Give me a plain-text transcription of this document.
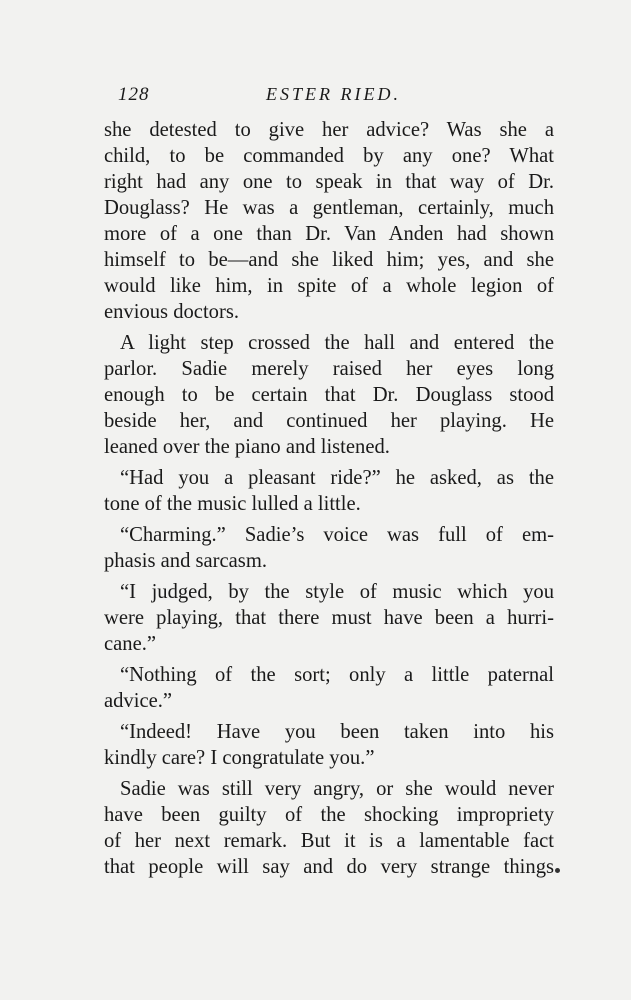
128	ESTER RIED.
she detested to give her advice? Was she a
child, to be commanded by any one? What
right had any one to speak in that way of Dr.
Douglass? He was a gentleman, certainly, much
more of a one than Dr. Van Anden had shown
himself to be—and she liked him; yes, and she
would like him, in spite of a whole legion of
envious doctors.
A light step crossed the hall and entered the
parlor. Sadie merely raised her eyes long
enough to be certain that Dr. Douglass stood
beside her, and continued her playing. He
leaned over the piano and listened.
“Had you a pleasant ride?” he asked, as the
tone of the music lulled a little.
“Charming.” Sadie’s voice was full of em-
phasis and sarcasm.
“I judged, by the style of music which you
were playing, that there must have been a hurri-
cane.”
“Nothing of the sort; only a little paternal
advice.”
“Indeed! Have you been taken into his
kindly care? I congratulate you.”
Sadie was still very angry, or she would never
have been guilty of the shocking impropriety
of her next remark. But it is a lamentable fact
that people will say and do very strange things
